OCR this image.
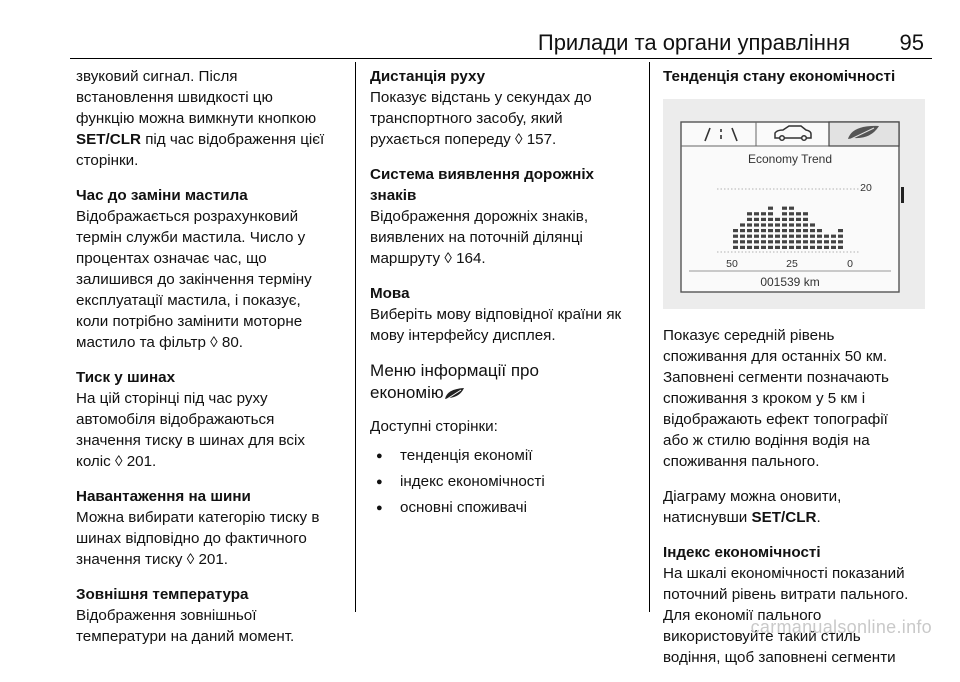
Прилади та органи управління 95
звуковий сигнал. Після
встановлення швидкості цю
функцію можна вимкнути кнопкою
SET/CLR під час відображення цієї
сторінки.
Час до заміни мастила
Відображається розрахунковий
термін служби мастила. Число у
процентах означає час, що
залишився до закінчення терміну
експлуатації мастила, і показує,
коли потрібно замінити моторне
мастило та фільтр ◊ 80.
Тиск у шинах
На цій сторінці під час руху
автомобіля відображаються
значення тиску в шинах для всіх
коліс ◊ 201.
Навантаження на шини
Можна вибирати категорію тиску в
шинах відповідно до фактичного
значення тиску ◊ 201.
Зовнішня температура
Відображення зовнішньої
температури на даний момент.
Дистанція руху
Показує відстань у секундах до
транспортного засобу, який
рухається попереду ◊ 157.
Система виявлення дорожніх
знаків
Відображення дорожніх знаків,
виявлених на поточній ділянці
маршруту ◊ 164.
Мова
Виберіть мову відповідної країни як
мову інтерфейсу дисплея.
Меню інформації про
економію
Доступні сторінки:
● тенденція економії
● індекс економічності
● основні споживачі
Тенденція стану економічності
Economy Trend
20
50	25	0
001539 km
Показує середній рівень
споживання для останніх 50 км.
Заповнені сегменти позначають
споживання з кроком у 5 км і
відображають ефект топографії
або ж стилю водіння водія на
споживання пального.
Діаграму можна оновити,
натиснувши SET/CLR.
Індекс економічності
На шкалі економічності показаний
поточний рівень витрати пального.
Для економії пального
використовуйте такий стиль
водіння, щоб заповнені сегменти
carmanualsonline.info
